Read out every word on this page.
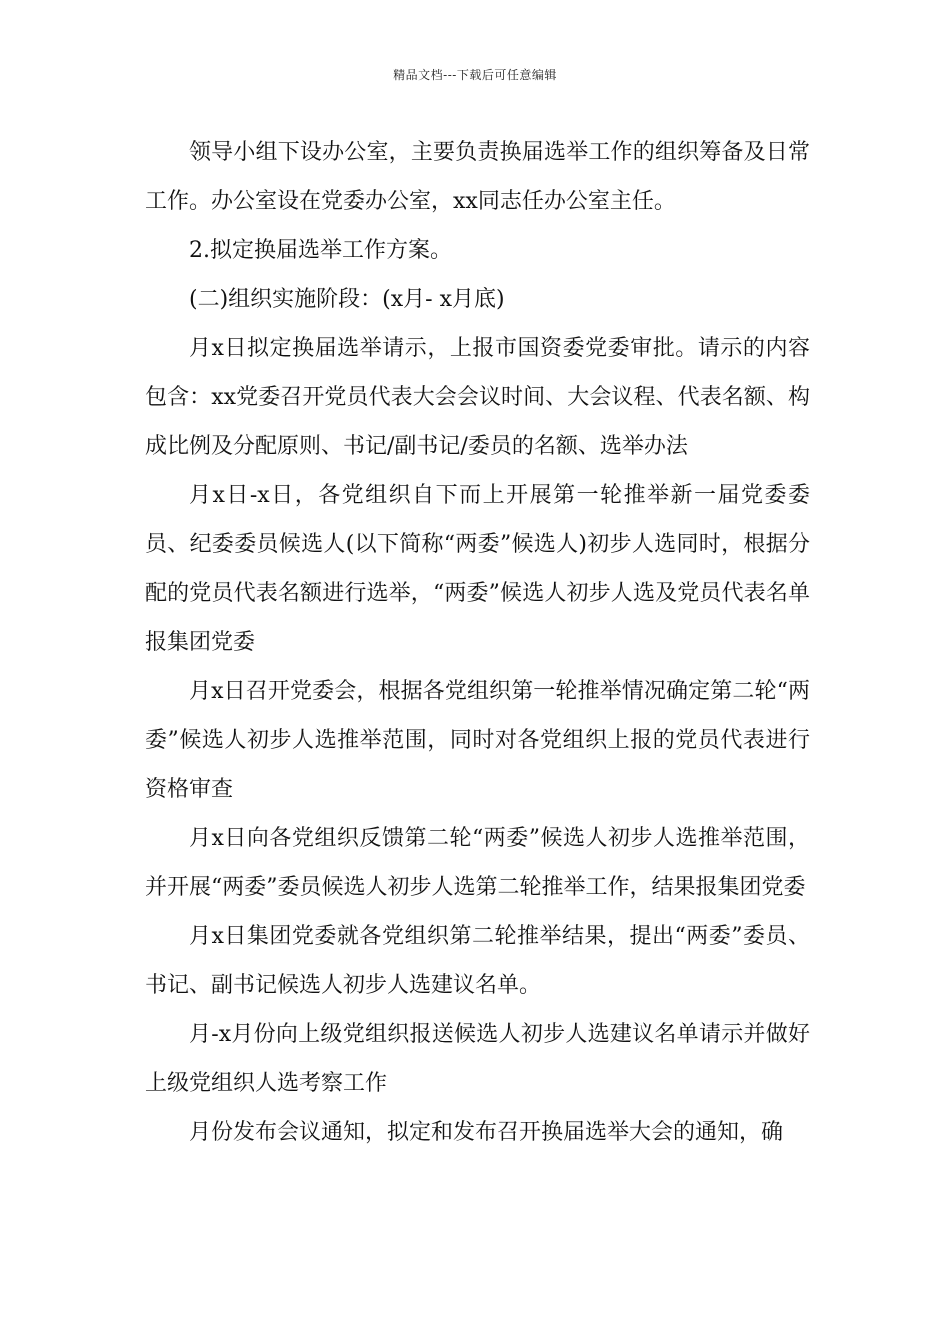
精品文档---下载后可任意编辑

领导小组下设办公室，主要负责换届选举工作的组织筹备及日常工作。办公室设在党委办公室，xx同志任办公室主任。

2.拟定换届选举工作方案。

(二)组织实施阶段：(x月- x月底)

月x日拟定换届选举请示，上报市国资委党委审批。请示的内容包含：xx党委召开党员代表大会会议时间、大会议程、代表名额、构成比例及分配原则、书记/副书记/委员的名额、选举办法

月x日-x日，各党组织自下而上开展第一轮推举新一届党委委员、纪委委员候选人(以下简称“两委”候选人)初步人选同时，根据分配的党员代表名额进行选举，“两委”候选人初步人选及党员代表名单报集团党委

月x日召开党委会，根据各党组织第一轮推举情况确定第二轮“两委”候选人初步人选推举范围，同时对各党组织上报的党员代表进行资格审查

月x日向各党组织反馈第二轮“两委”候选人初步人选推举范围，并开展“两委”委员候选人初步人选第二轮推举工作，结果报集团党委

月x日集团党委就各党组织第二轮推举结果，提出“两委”委员、书记、副书记候选人初步人选建议名单。

月-x月份向上级党组织报送候选人初步人选建议名单请示并做好上级党组织人选考察工作

月份发布会议通知，拟定和发布召开换届选举大会的通知，确
